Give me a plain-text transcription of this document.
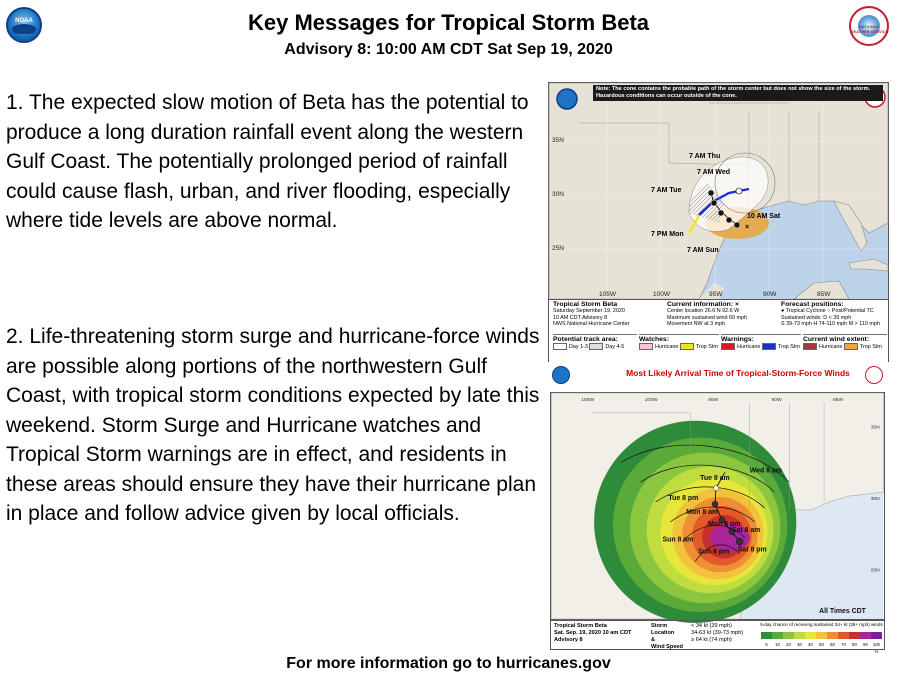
NOAA
NATIONAL WEATHER SERVICE
Key Messages for Tropical Storm Beta
Advisory 8: 10:00 AM CDT Sat Sep 19, 2020
1. The expected slow motion of Beta has the potential to produce a long duration rainfall event along the western Gulf Coast. The potentially prolonged period of rainfall could cause flash, urban, and river flooding, especially where tide levels are above normal.
2. Life-threatening storm surge and hurricane-force winds are possible along portions of the northwestern Gulf Coast, with tropical storm conditions expected by late this weekend. Storm Surge and Hurricane watches and Tropical Storm warnings are in effect, and residents in these areas should ensure they have their hurricane plan in place and follow advice given by local officials.
×
Note: The cone contains the probable path of the storm center but does not show the size of the storm. Hazardous conditions can occur outside of the cone.
35N
30N
25N
105W	100W	95W	90W	85W
7 AM Thu
7 AM Wed
7 AM Tue
10 AM Sat
7 PM Mon
7 AM Sun
Tropical Storm Beta
Saturday September 19, 2020
10 AM CDT Advisory 8
NWS National Hurricane Center
Current information: ×
Center location 26.6 N 92.6 W
Maximum sustained wind 60 mph
Movement NW at 3 mph
Forecast positions:
● Tropical Cyclone ○ Post/Potential TC
Sustained winds: D < 39 mph
S 39-73 mph H 74-110 mph M > 110 mph
Potential track area:
Day 1-3	Day 4-5
Watches:
Hurricane	Trop Stm
Warnings:
Hurricane	Trop Stm
Current wind extent:
Hurricane	Trop Stm
Most Likely Arrival Time of Tropical-Storm-Force Winds
Wed 8 am
Tue 8 am
Tue 8 pm
Mon 8 am
Mon 8 pm
Sun 8 am
Sun 8 pm
Sat 8 am
Sat 8 pm
105W	100W	95W	90W	85W
35N
30N
25N
All Times CDT
Tropical Storm Beta
Sat. Sep. 19, 2020 10 am CDT
Advisory 8
Storm Location
&
Wind Speed
< 34 kt (39 mph)
34-63 kt (39-73 mph)
≥ 64 kt (74 mph)
5-day chance of receiving sustained 34+ kt (39+ mph) winds
5	10	20	30	40	50	60	70	80	90	100 %
For more information go to hurricanes.gov
